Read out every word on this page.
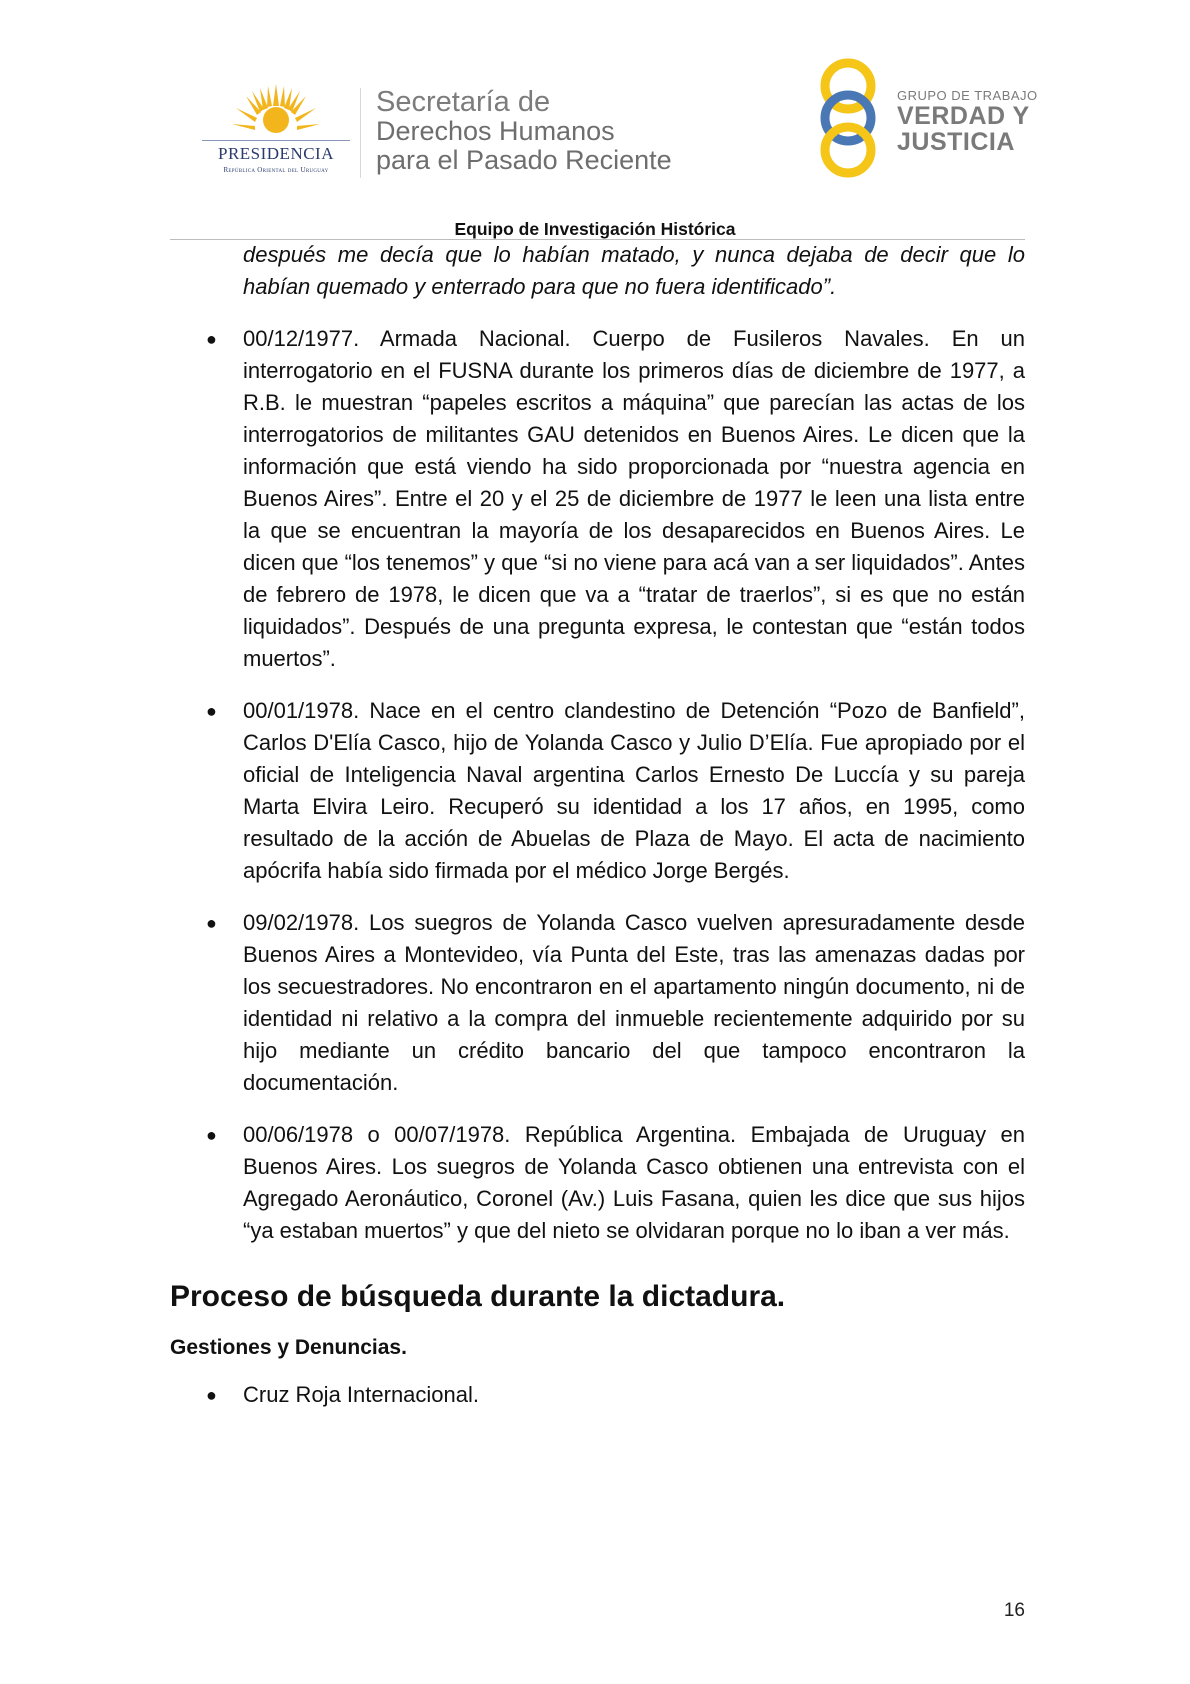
PRESIDENCIA
República Oriental del Uruguay
Secretaría de
Derechos Humanos
para el Pasado Reciente
GRUPO DE TRABAJO
VERDAD Y
JUSTICIA
Equipo de Investigación Histórica

después me decía que lo habían matado, y nunca dejaba de decir que lo habían quemado y enterrado para que no fuera identificado”.

● 00/12/1977. Armada Nacional. Cuerpo de Fusileros Navales. En un interrogatorio en el FUSNA durante los primeros días de diciembre de 1977, a R.B. le muestran “papeles escritos a máquina” que parecían las actas de los interrogatorios de militantes GAU detenidos en Buenos Aires. Le dicen que la información que está viendo ha sido proporcionada por “nuestra agencia en Buenos Aires”. Entre el 20 y el 25 de diciembre de 1977 le leen una lista entre la que se encuentran la mayoría de los desaparecidos en Buenos Aires. Le dicen que “los tenemos” y que “si no viene para acá van a ser liquidados”. Antes de febrero de 1978, le dicen que va a “tratar de traerlos”, si es que no están liquidados”. Después de una pregunta expresa, le contestan que “están todos muertos”.

● 00/01/1978. Nace en el centro clandestino de Detención “Pozo de Banfield”, Carlos D'Elía Casco, hijo de Yolanda Casco y Julio D’Elía. Fue apropiado por el oficial de Inteligencia Naval argentina Carlos Ernesto De Luccía y su pareja Marta Elvira Leiro. Recuperó su identidad a los 17 años, en 1995, como resultado de la acción de Abuelas de Plaza de Mayo. El acta de nacimiento apócrifa había sido firmada por el médico Jorge Bergés.

● 09/02/1978. Los suegros de Yolanda Casco vuelven apresuradamente desde Buenos Aires a Montevideo, vía Punta del Este, tras las amenazas dadas por los secuestradores. No encontraron en el apartamento ningún documento, ni de identidad ni relativo a la compra del inmueble recientemente adquirido por su hijo mediante un crédito bancario del que tampoco encontraron la documentación.

● 00/06/1978 o 00/07/1978. República Argentina. Embajada de Uruguay en Buenos Aires. Los suegros de Yolanda Casco obtienen una entrevista con el Agregado Aeronáutico, Coronel (Av.) Luis Fasana, quien les dice que sus hijos “ya estaban muertos” y que del nieto se olvidaran porque no lo iban a ver más.

Proceso de búsqueda durante la dictadura.
Gestiones y Denuncias.
● Cruz Roja Internacional.

16
